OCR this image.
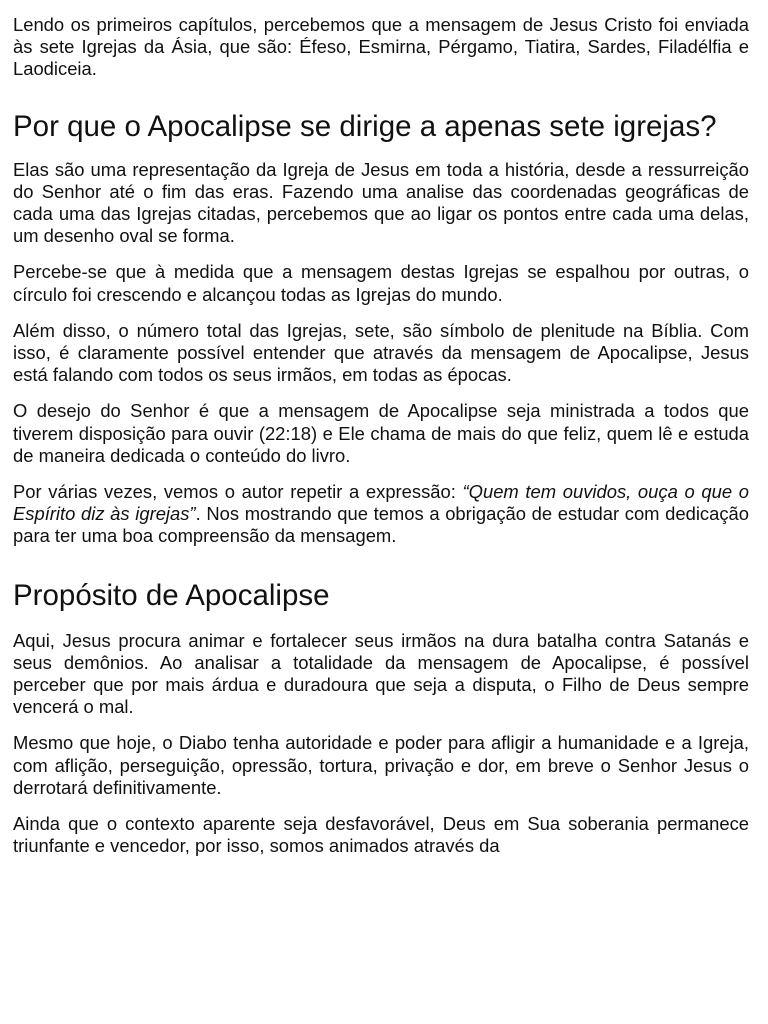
Lendo os primeiros capítulos, percebemos que a mensagem de Jesus Cristo foi enviada às sete Igrejas da Ásia, que são: Éfeso, Esmirna, Pérgamo, Tiatira, Sardes, Filadélfia e Laodiceia.

Por que o Apocalipse se dirige a apenas sete igrejas?

Elas são uma representação da Igreja de Jesus em toda a história, desde a ressurreição do Senhor até o fim das eras. Fazendo uma analise das coordenadas geográficas de cada uma das Igrejas citadas, percebemos que ao ligar os pontos entre cada uma delas, um desenho oval se forma.

Percebe-se que à medida que a mensagem destas Igrejas se espalhou por outras, o círculo foi crescendo e alcançou todas as Igrejas do mundo.

Além disso, o número total das Igrejas, sete, são símbolo de plenitude na Bíblia. Com isso, é claramente possível entender que através da mensagem de Apocalipse, Jesus está falando com todos os seus irmãos, em todas as épocas.

O desejo do Senhor é que a mensagem de Apocalipse seja ministrada a todos que tiverem disposição para ouvir (22:18) e Ele chama de mais do que feliz, quem lê e estuda de maneira dedicada o conteúdo do livro.

Por várias vezes, vemos o autor repetir a expressão: “Quem tem ouvidos, ouça o que o Espírito diz às igrejas”. Nos mostrando que temos a obrigação de estudar com dedicação para ter uma boa compreensão da mensagem.

Propósito de Apocalipse

Aqui, Jesus procura animar e fortalecer seus irmãos na dura batalha contra Satanás e seus demônios. Ao analisar a totalidade da mensagem de Apocalipse, é possível perceber que por mais árdua e duradoura que seja a disputa, o Filho de Deus sempre vencerá o mal.

Mesmo que hoje, o Diabo tenha autoridade e poder para afligir a humanidade e a Igreja, com aflição, perseguição, opressão, tortura, privação e dor, em breve o Senhor Jesus o derrotará definitivamente.

Ainda que o contexto aparente seja desfavorável, Deus em Sua soberania permanece triunfante e vencedor, por isso, somos animados através da
